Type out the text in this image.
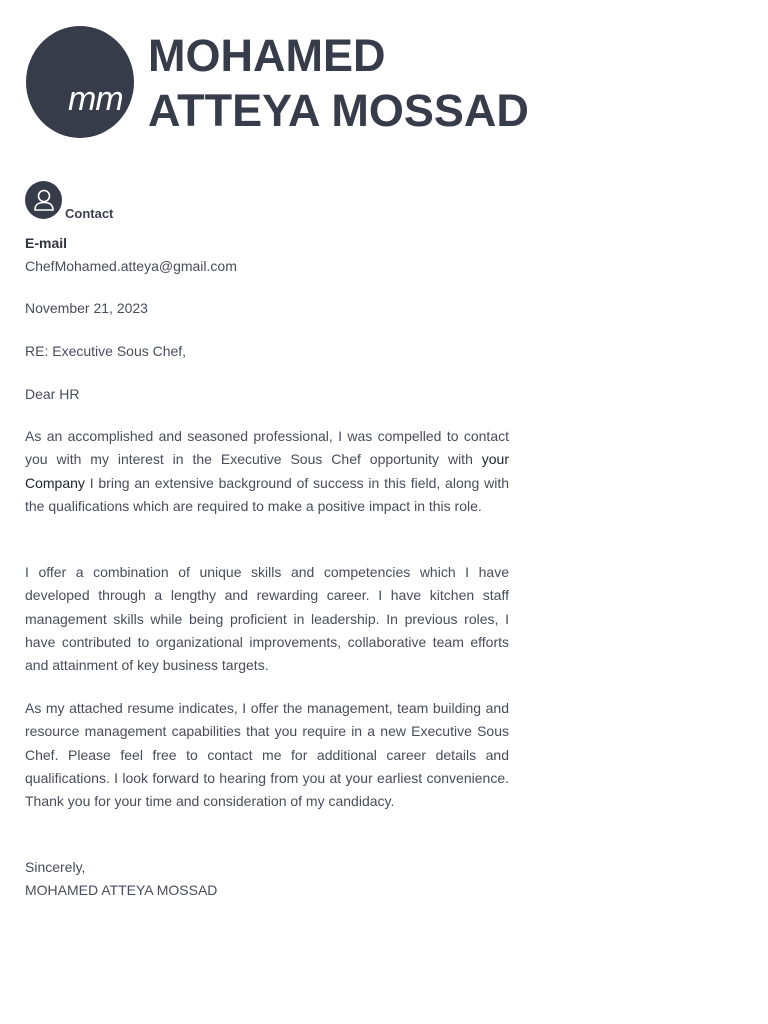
mm
MOHAMED
ATTEYA MOSSAD
Contact
E-mail
ChefMohamed.atteya@gmail.com
November 21, 2023
RE: Executive Sous Chef,
Dear HR

As an accomplished and seasoned professional, I was compelled to contact you with my interest in the Executive Sous Chef opportunity with your Company I bring an extensive background of success in this field, along with the qualifications which are required to make a positive impact in this role.

I offer a combination of unique skills and competencies which I have developed through a lengthy and rewarding career. I have kitchen staff management skills while being proficient in leadership. In previous roles, I have contributed to organizational improvements, collaborative team efforts and attainment of key business targets.

As my attached resume indicates, I offer the management, team building and resource management capabilities that you require in a new Executive Sous Chef. Please feel free to contact me for additional career details and qualifications. I look forward to hearing from you at your earliest convenience. Thank you for your time and consideration of my candidacy.

Sincerely,
MOHAMED ATTEYA MOSSAD
